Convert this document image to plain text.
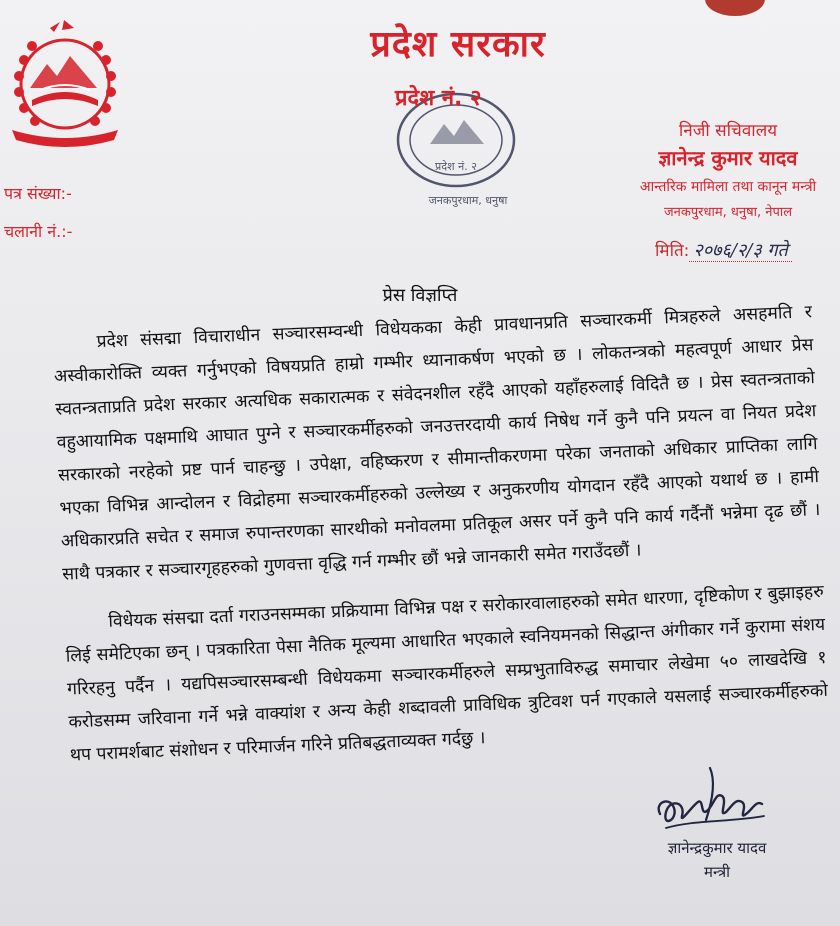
प्रदेश नं. २
जनकपुरधाम, धनुषा
प्रदेश सरकार
प्रदेश नं. २
निजी सचिवालय
ज्ञानेन्द्र कुमार यादव
आन्तरिक मामिला तथा कानून मन्त्री
जनकपुरधाम, धनुषा, नेपाल
पत्र संख्या:-
चलानी नं.:-
मिति: २०७६/२/३ गते
प्रेस विज्ञप्ति

प्रदेश संसद्मा विचाराधीन सञ्चारसम्वन्धी विधेयकका केही प्रावधानप्रति सञ्चारकर्मी मित्रहरुले असहमति र अस्वीकारोक्ति व्यक्त गर्नुभएको विषयप्रति हाम्रो गम्भीर ध्यानाकर्षण भएको छ । लोकतन्त्रको महत्वपूर्ण आधार प्रेस स्वतन्त्रताप्रति प्रदेश सरकार अत्यधिक सकारात्मक र संवेदनशील रहँदै आएको यहाँहरुलाई विदितै छ । प्रेस स्वतन्त्रताको वहुआयामिक पक्षमाथि आघात पुग्ने र सञ्चारकर्मीहरुको जनउत्तरदायी कार्य निषेध गर्ने कुनै पनि प्रयत्न वा नियत प्रदेश सरकारको नरहेको प्रष्ट पार्न चाहन्छु । उपेक्षा, वहिष्करण र सीमान्तीकरणमा परेका जनताको अधिकार प्राप्तिका लागि भएका विभिन्न आन्दोलन र विद्रोहमा सञ्चारकर्मीहरुको उल्लेख्य र अनुकरणीय योगदान रहँदै आएको यथार्थ छ । हामी अधिकारप्रति सचेत र समाज रुपान्तरणका सारथीको मनोवलमा प्रतिकूल असर पर्ने कुनै पनि कार्य गर्दैनौं भन्नेमा दृढ छौं । साथै पत्रकार र सञ्चारगृहहरुको गुणवत्ता वृद्धि गर्न गम्भीर छौं भन्ने जानकारी समेत गराउँदछौं ।

विधेयक संसद्मा दर्ता गराउनसम्मका प्रक्रियामा विभिन्न पक्ष र सरोकारवालाहरुको समेत धारणा, दृष्टिकोण र बुझाइहरु लिई समेटिएका छन् । पत्रकारिता पेसा नैतिक मूल्यमा आधारित भएकाले स्वनियमनको सिद्धान्त अंगीकार गर्ने कुरामा संशय गरिरहनु पर्दैन । यद्यपिसञ्चारसम्बन्धी विधेयकमा सञ्चारकर्मीहरुले सम्प्रभुताविरुद्ध समाचार लेखेमा ५० लाखदेखि १ करोडसम्म जरिवाना गर्ने भन्ने वाक्यांश र अन्य केही शब्दावली प्राविधिक त्रुटिवश पर्न गएकाले यसलाई सञ्चारकर्मीहरुको थप परामर्शबाट संशोधन र परिमार्जन गरिने प्रतिबद्धताव्यक्त गर्दछु ।

ज्ञानेन्द्रकुमार यादव
मन्त्री
